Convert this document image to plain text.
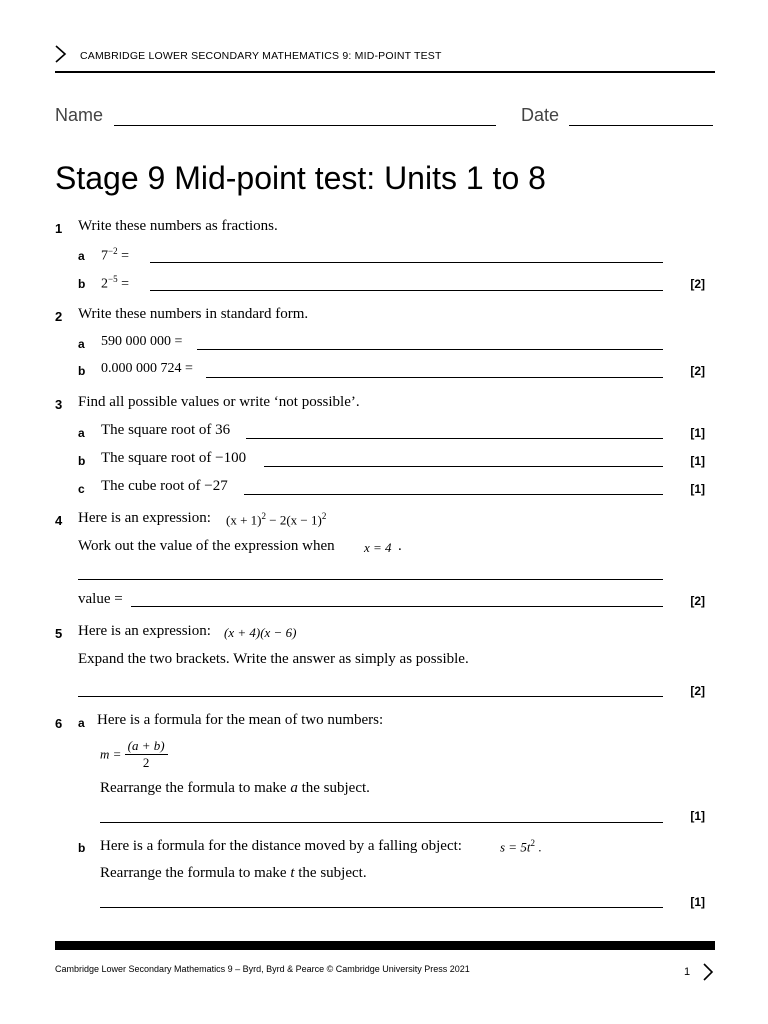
CAMBRIDGE LOWER SECONDARY MATHEMATICS 9: MID-POINT TEST
Name	Date
Stage 9 Mid-point test: Units 1 to 8
1 Write these numbers as fractions.
a $7^{-2}$ =
b $2^{-5}$ =	[2]
2 Write these numbers in standard form.
a 590 000 000 =
b 0.000 000 724 =	[2]
3 Find all possible values or write ‘not possible’.
a The square root of 36	[1]
b The square root of −100	[1]
c The cube root of −27	[1]
4 Here is an expression: $(x + 1)^2 - 2(x - 1)^2$
Work out the value of the expression when x = 4 .
value =	[2]
5 Here is an expression: (x + 4)(x − 6)
Expand the two brackets. Write the answer as simply as possible.
[2]
6 a Here is a formula for the mean of two numbers:
$m = \frac{(a + b)}{2}$
Rearrange the formula to make a the subject.
[1]
b Here is a formula for the distance moved by a falling object:	$s = 5t^2$ .
Rearrange the formula to make t the subject.
[1]
Cambridge Lower Secondary Mathematics 9 – Byrd, Byrd & Pearce © Cambridge University Press 2021	1
